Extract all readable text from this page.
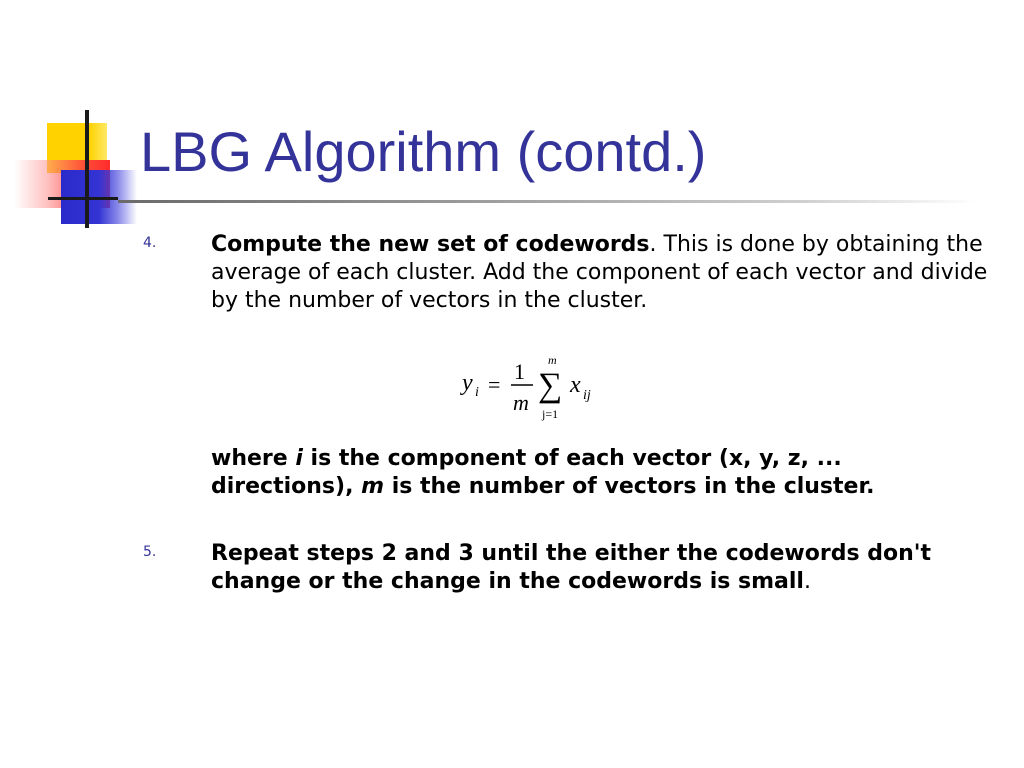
LBG Algorithm (contd.)
4. Compute the new set of codewords. This is done by obtaining the average of each cluster. Add the component of each vector and divide by the number of vectors in the cluster.
y i =
1
m
m
∑
j=1
x ij
where i is the component of each vector (x, y, z, ... directions), m is the number of vectors in the cluster.
5. Repeat steps 2 and 3 until the either the codewords don't change or the change in the codewords is small.
